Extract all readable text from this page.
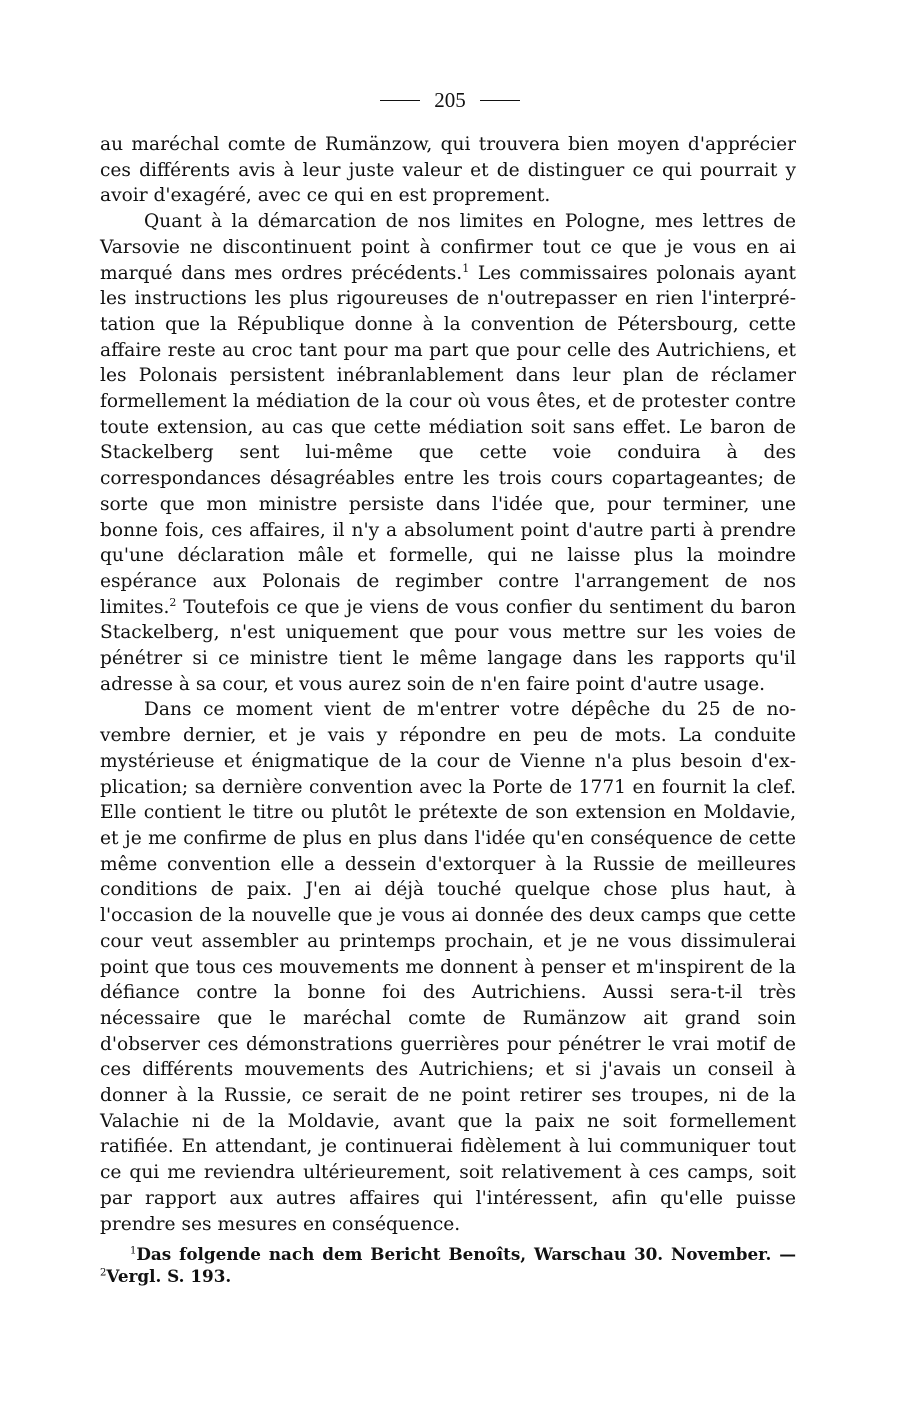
205

au maréchal comte de Rumänzow, qui trouvera bien moyen d'apprécier ces différents avis à leur juste valeur et de distinguer ce qui pourrait y avoir d'exagéré, avec ce qui en est proprement.

Quant à la démarcation de nos limites en Pologne, mes lettres de Varsovie ne discontinuent point à confirmer tout ce que je vous en ai marqué dans mes ordres précédents.$^1$ Les commissaires polonais ayant les instructions les plus rigoureuses de n'outrepasser en rien l'interprétation que la République donne à la convention de Pétersbourg, cette affaire reste au croc tant pour ma part que pour celle des Autrichiens, et les Polonais persistent inébranlablement dans leur plan de réclamer formellement la médiation de la cour où vous êtes, et de protester contre toute extension, au cas que cette médiation soit sans effet. Le baron de Stackelberg sent lui-même que cette voie conduira à des correspondances désagréables entre les trois cours copartageantes; de sorte que mon ministre persiste dans l'idée que, pour terminer, une bonne fois, ces affaires, il n'y a absolument point d'autre parti à prendre qu'une déclaration mâle et formelle, qui ne laisse plus la moindre espérance aux Polonais de regimber contre l'arrangement de nos limites.$^2$ Toutefois ce que je viens de vous confier du sentiment du baron Stackelberg, n'est uniquement que pour vous mettre sur les voies de pénétrer si ce ministre tient le même langage dans les rapports qu'il adresse à sa cour, et vous aurez soin de n'en faire point d'autre usage.

Dans ce moment vient de m'entrer votre dépêche du 25 de novembre dernier, et je vais y répondre en peu de mots. La conduite mystérieuse et énigmatique de la cour de Vienne n'a plus besoin d'explication; sa dernière convention avec la Porte de 1771 en fournit la clef. Elle contient le titre ou plutôt le prétexte de son extension en Moldavie, et je me confirme de plus en plus dans l'idée qu'en conséquence de cette même convention elle a dessein d'extorquer à la Russie de meilleures conditions de paix. J'en ai déjà touché quelque chose plus haut, à l'occasion de la nouvelle que je vous ai donnée des deux camps que cette cour veut assembler au printemps prochain, et je ne vous dissimulerai point que tous ces mouvements me donnent à penser et m'inspirent de la défiance contre la bonne foi des Autrichiens. Aussi sera-t-il très nécessaire que le maréchal comte de Rumänzow ait grand soin d'observer ces démonstrations guerrières pour pénétrer le vrai motif de ces différents mouvements des Autrichiens; et si j'avais un conseil à donner à la Russie, ce serait de ne point retirer ses troupes, ni de la Valachie ni de la Moldavie, avant que la paix ne soit formellement ratifiée. En attendant, je continuerai fidèlement à lui communiquer tout ce qui me reviendra ultérieurement, soit relativement à ces camps, soit par rapport aux autres affaires qui l'intéressent, afin qu'elle puisse prendre ses mesures en conséquence.

$^1$Das folgende nach dem Bericht Benoîts, Warschau 30. November. — $^2$Vergl. S. 193.
